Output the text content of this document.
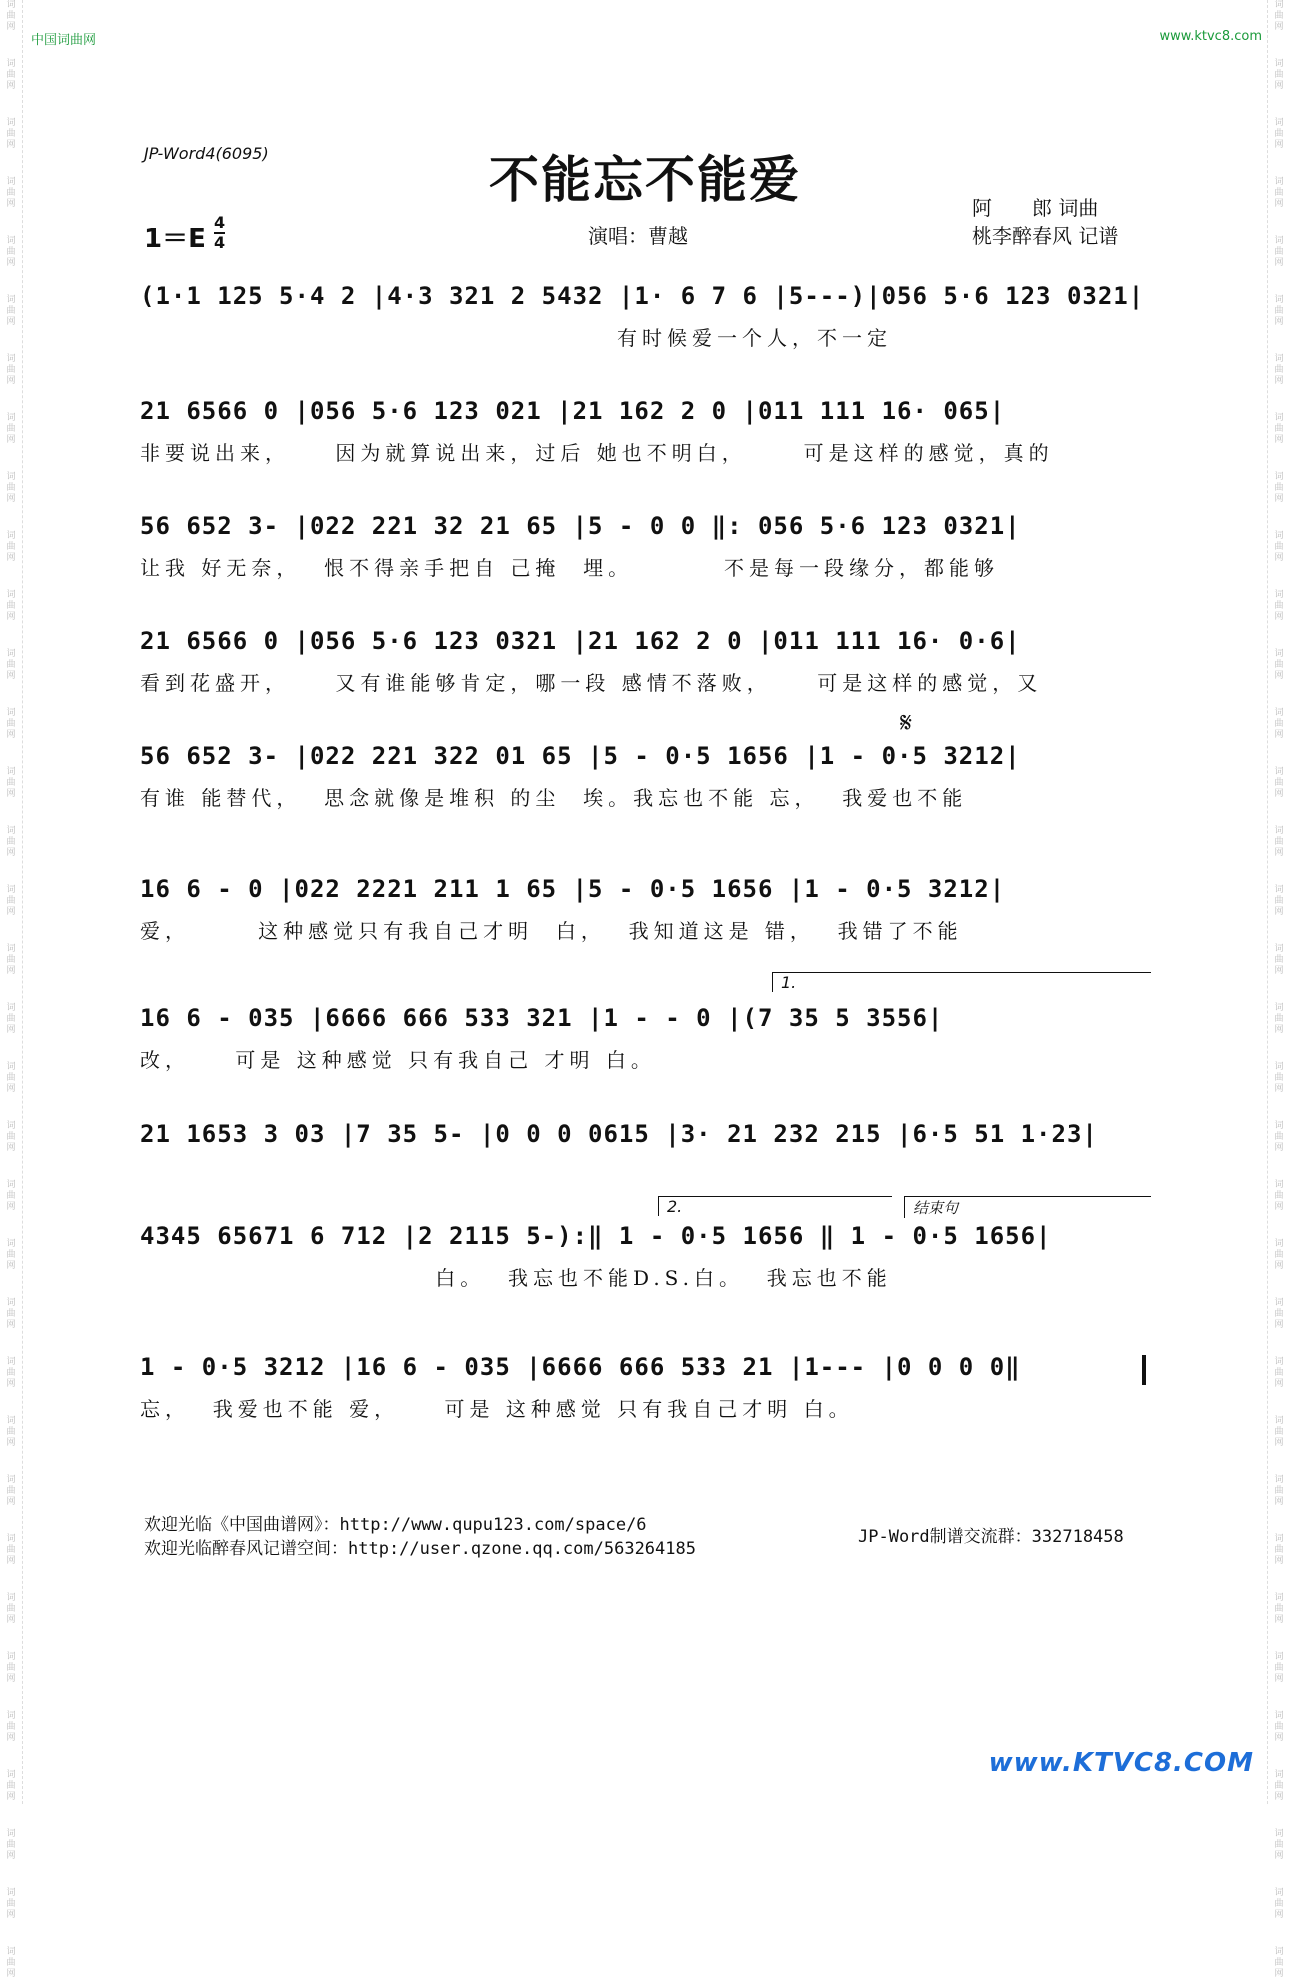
词
曲
网
词
曲
网
词
曲
网
词
曲
网
词
曲
网
词
曲
网
词
曲
网
词
曲
网
词
曲
网
词
曲
网
词
曲
网
词
曲
网
词
曲
网
词
曲
网
词
曲
网
词
曲
网
词
曲
网
词
曲
网
词
曲
网
词
曲
网
词
曲
网
词
曲
网
词
曲
网
词
曲
网
词
曲
网
词
曲
网
词
曲
网
词
曲
网
词
曲
网
词
曲
网
词
曲
网
词
曲
网
词
曲
网
词
曲
网
词
曲
网
词
曲
网
词
曲
网
词
曲
网
词
曲
网
词
曲
网
词
曲
网
词
曲
网
词
曲
网
词
曲
网
词
曲
网
词
曲
网
词
曲
网
词
曲
网
词
曲
网
词
曲
网
词
曲
网
词
曲
网
词
曲
网
词
曲
网
词
曲
网
词
曲
网
词
曲
网
词
曲
网
词
曲
网
词
曲
网
词
曲
网
词
曲
网
词
曲
网
词
曲
网
词
曲
网
词
曲
网
词
曲
网
词
曲
网
中国词曲网	www.ktvc8.com
JP-Word4(6095)	不能忘不能爱
1＝E
4
4	演唱：曹越
阿　　郎 词曲
桃李醉春风 记谱
(1·1 125 5·4 2 |4·3 321 2 5432 |1· 6 7 6 |5---)|056 5·6 123 0321|
有时候爱一个人，不一定
21 6566 0 |056 5·6 123 021 |21 162 2 0 |011 111 16· 065|
非要说出来，    因为就算说出来，过后 她也不明白，     可是这样的感觉，真的
56 652 3- |022 221 32 21 65 |5 - 0 0 ‖: 056 5·6 123 0321|
让我 好无奈，  恨不得亲手把自 己掩  埋。        不是每一段缘分，都能够
21 6566 0 |056 5·6 123 0321 |21 162 2 0 |011 111 16· 0·6|
看到花盛开，    又有谁能够肯定，哪一段 感情不落败，    可是这样的感觉，又
56 652 3- |022 221 322 01 65 |5 - 0·5 1656 |1 - 0·5 3212|
有谁 能替代，  思念就像是堆积 的尘  埃。我忘也不能 忘，  我爱也不能
16 6 - 0 |022 2221 211 1 65 |5 - 0·5 1656 |1 - 0·5 3212|
爱，      这种感觉只有我自己才明  白，  我知道这是 错，  我错了不能
16 6 - 035 |6666 666 533 321 |1 - - 0 |(7 35 5 3556|
改，    可是 这种感觉 只有我自己 才明 白。
21 1653 3 03 |7 35 5- |0 0 0 0615 |3· 21 232 215 |6·5 51 1·23|
4345 65671 6 712 |2 2115 5-):‖ 1 - 0·5 1656 ‖ 1 - 0·5 1656|
白。  我忘也不能D.S.白。  我忘也不能
1 - 0·5 3212 |16 6 - 035 |6666 666 533 21 |1--- |0 0 0 0‖
忘，  我爱也不能 爱，    可是 这种感觉 只有我自己才明 白。
1.
2.	结束句
𝄋
欢迎光临《中国曲谱网》：http://www.qupu123.com/space/6
欢迎光临醉春风记谱空间：http://user.qzone.qq.com/563264185
JP-Word制谱交流群：332718458
www.KTVC8.COM
